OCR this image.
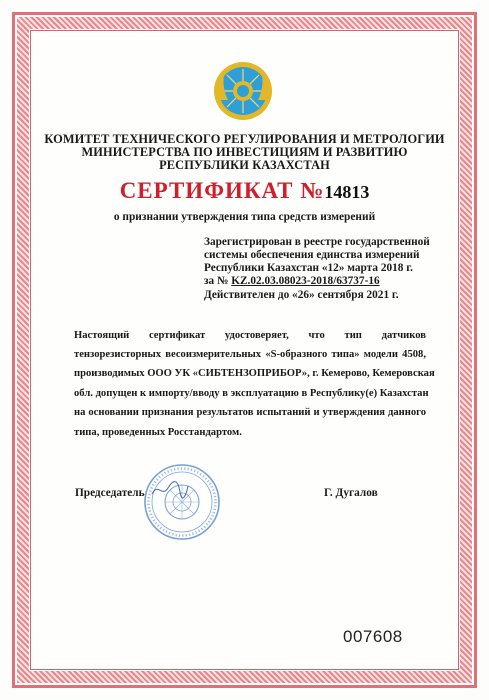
КОМИТЕТ ТЕХНИЧЕСКОГО РЕГУЛИРОВАНИЯ И МЕТРОЛОГИИ
МИНИСТЕРСТВА ПО ИНВЕСТИЦИЯМ И РАЗВИТИЮ
РЕСПУБЛИКИ КАЗАХСТАН
СЕРТИФИКАТ №14813
о признании утверждения типа средств измерений
Зарегистрирован в реестре государственной
системы обеспечения единства измерений
Республики Казахстан «12» марта 2018 г.
за № KZ.02.03.08023-2018/63737-16
Действителен до «26» сентября 2021 г.
Настоящий сертификат удостоверяет, что тип датчиков
тензорезисторных весоизмерительных «S-образного типа» модели 4508,
производимых ООО УК «СИБТЕНЗОПРИБОР», г. Кемерово, Кемеровская
обл. допущен к импорту/вводу в эксплуатацию в Республику(е) Казахстан
на основании признания результатов испытаний и утверждения данного
типа, проведенных Росстандартом.
Председатель	Г. Дугалов
007608
